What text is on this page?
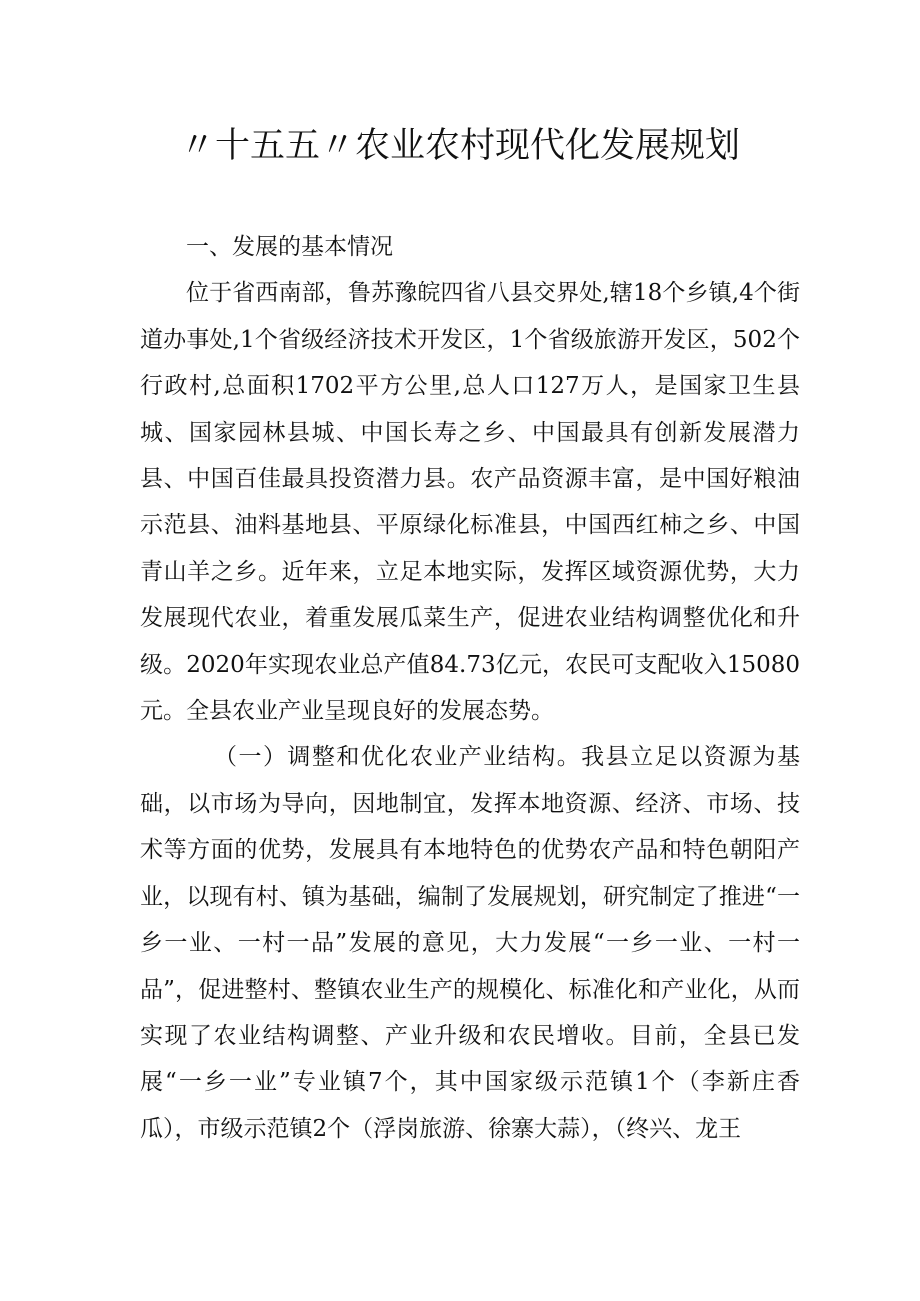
〃十五五〃农业农村现代化发展规划

一、发展的基本情况

位于省西南部，鲁苏豫皖四省八县交界处,辖18个乡镇,4个街道办事处,1个省级经济技术开发区，1个省级旅游开发区，502个行政村,总面积1702平方公里,总人口127万人，是国家卫生县城、国家园林县城、中国长寿之乡、中国最具有创新发展潜力县、中国百佳最具投资潜力县。农产品资源丰富，是中国好粮油示范县、油料基地县、平原绿化标准县，中国西红柿之乡、中国青山羊之乡。近年来，立足本地实际，发挥区域资源优势，大力发展现代农业，着重发展瓜菜生产，促进农业结构调整优化和升级。2020年实现农业总产值84.73亿元，农民可支配收入15080元。全县农业产业呈现良好的发展态势。

（一）调整和优化农业产业结构。我县立足以资源为基础，以市场为导向，因地制宜，发挥本地资源、经济、市场、技术等方面的优势，发展具有本地特色的优势农产品和特色朝阳产业，以现有村、镇为基础，编制了发展规划，研究制定了推进“一乡一业、一村一品”发展的意见，大力发展“一乡一业、一村一品”，促进整村、整镇农业生产的规模化、标准化和产业化，从而实现了农业结构调整、产业升级和农民增收。目前，全县已发展“一乡一业”专业镇7个，其中国家级示范镇1个（李新庄香瓜），市级示范镇2个（浮岗旅游、徐寨大蒜），（终兴、龙王
